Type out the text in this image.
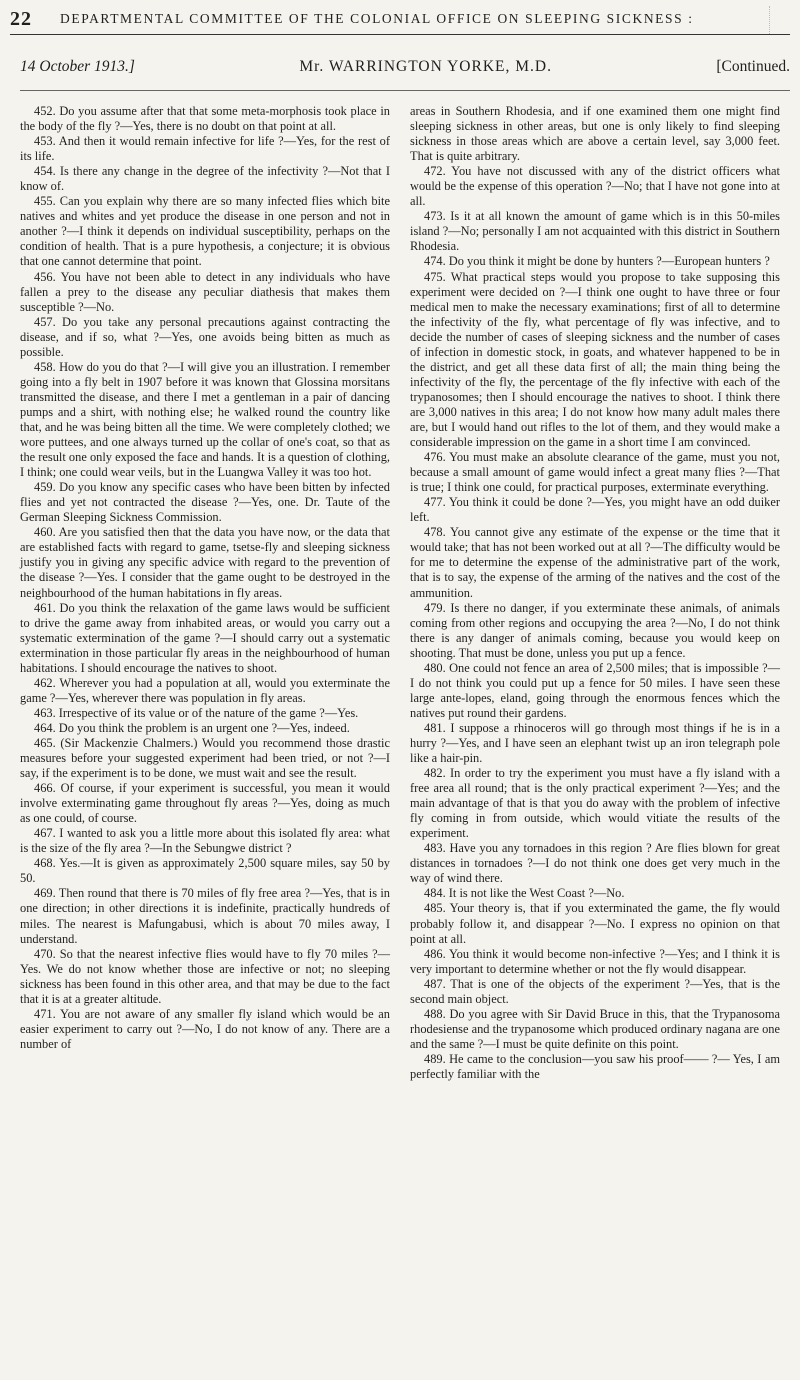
22	DEPARTMENTAL COMMITTEE OF THE COLONIAL OFFICE ON SLEEPING SICKNESS :
14 October 1913.]	Mr. WARRINGTON YORKE, M.D.	[Continued.

452. Do you assume after that that some meta-morphosis took place in the body of the fly ?—Yes, there is no doubt on that point at all.

453. And then it would remain infective for life ?—Yes, for the rest of its life.

454. Is there any change in the degree of the infectivity ?—Not that I know of.

455. Can you explain why there are so many infected flies which bite natives and whites and yet produce the disease in one person and not in another ?—I think it depends on individual susceptibility, perhaps on the condition of health. That is a pure hypothesis, a conjecture; it is obvious that one cannot determine that point.

456. You have not been able to detect in any individuals who have fallen a prey to the disease any peculiar diathesis that makes them susceptible ?—No.

457. Do you take any personal precautions against contracting the disease, and if so, what ?—Yes, one avoids being bitten as much as possible.

458. How do you do that ?—I will give you an illustration. I remember going into a fly belt in 1907 before it was known that Glossina morsitans transmitted the disease, and there I met a gentleman in a pair of dancing pumps and a shirt, with nothing else; he walked round the country like that, and he was being bitten all the time. We were completely clothed; we wore puttees, and one always turned up the collar of one's coat, so that as the result one only exposed the face and hands. It is a question of clothing, I think; one could wear veils, but in the Luangwa Valley it was too hot.

459. Do you know any specific cases who have been bitten by infected flies and yet not contracted the disease ?—Yes, one. Dr. Taute of the German Sleeping Sickness Commission.

460. Are you satisfied then that the data you have now, or the data that are established facts with regard to game, tsetse-fly and sleeping sickness justify you in giving any specific advice with regard to the prevention of the disease ?—Yes. I consider that the game ought to be destroyed in the neighbourhood of the human habitations in fly areas.

461. Do you think the relaxation of the game laws would be sufficient to drive the game away from inhabited areas, or would you carry out a systematic extermination of the game ?—I should carry out a systematic extermination in those particular fly areas in the neighbourhood of human habitations. I should encourage the natives to shoot.

462. Wherever you had a population at all, would you exterminate the game ?—Yes, wherever there was population in fly areas.

463. Irrespective of its value or of the nature of the game ?—Yes.

464. Do you think the problem is an urgent one ?—Yes, indeed.

465. (Sir Mackenzie Chalmers.) Would you recommend those drastic measures before your suggested experiment had been tried, or not ?—I say, if the experiment is to be done, we must wait and see the result.

466. Of course, if your experiment is successful, you mean it would involve exterminating game throughout fly areas ?—Yes, doing as much as one could, of course.

467. I wanted to ask you a little more about this isolated fly area: what is the size of the fly area ?—In the Sebungwe district ?

468. Yes.—It is given as approximately 2,500 square miles, say 50 by 50.

469. Then round that there is 70 miles of fly free area ?—Yes, that is in one direction; in other directions it is indefinite, practically hundreds of miles. The nearest is Mafungabusi, which is about 70 miles away, I understand.

470. So that the nearest infective flies would have to fly 70 miles ?—Yes. We do not know whether those are infective or not; no sleeping sickness has been found in this other area, and that may be due to the fact that it is at a greater altitude.

471. You are not aware of any smaller fly island which would be an easier experiment to carry out ?—No, I do not know of any. There are a number of

areas in Southern Rhodesia, and if one examined them one might find sleeping sickness in other areas, but one is only likely to find sleeping sickness in those areas which are above a certain level, say 3,000 feet. That is quite arbitrary.

472. You have not discussed with any of the district officers what would be the expense of this operation ?—No; that I have not gone into at all.

473. Is it at all known the amount of game which is in this 50-miles island ?—No; personally I am not acquainted with this district in Southern Rhodesia.

474. Do you think it might be done by hunters ?—European hunters ?

475. What practical steps would you propose to take supposing this experiment were decided on ?—I think one ought to have three or four medical men to make the necessary examinations; first of all to determine the infectivity of the fly, what percentage of fly was infective, and to decide the number of cases of sleeping sickness and the number of cases of infection in domestic stock, in goats, and whatever happened to be in the district, and get all these data first of all; the main thing being the infectivity of the fly, the percentage of the fly infective with each of the trypanosomes; then I should encourage the natives to shoot. I think there are 3,000 natives in this area; I do not know how many adult males there are, but I would hand out rifles to the lot of them, and they would make a considerable impression on the game in a short time I am convinced.

476. You must make an absolute clearance of the game, must you not, because a small amount of game would infect a great many flies ?—That is true; I think one could, for practical purposes, exterminate everything.

477. You think it could be done ?—Yes, you might have an odd duiker left.

478. You cannot give any estimate of the expense or the time that it would take; that has not been worked out at all ?—The difficulty would be for me to determine the expense of the administrative part of the work, that is to say, the expense of the arming of the natives and the cost of the ammunition.

479. Is there no danger, if you exterminate these animals, of animals coming from other regions and occupying the area ?—No, I do not think there is any danger of animals coming, because you would keep on shooting. That must be done, unless you put up a fence.

480. One could not fence an area of 2,500 miles; that is impossible ?—I do not think you could put up a fence for 50 miles. I have seen these large ante-lopes, eland, going through the enormous fences which the natives put round their gardens.

481. I suppose a rhinoceros will go through most things if he is in a hurry ?—Yes, and I have seen an elephant twist up an iron telegraph pole like a hair-pin.

482. In order to try the experiment you must have a fly island with a free area all round; that is the only practical experiment ?—Yes; and the main advantage of that is that you do away with the problem of infective fly coming in from outside, which would vitiate the results of the experiment.

483. Have you any tornadoes in this region ? Are flies blown for great distances in tornadoes ?—I do not think one does get very much in the way of wind there.

484. It is not like the West Coast ?—No.

485. Your theory is, that if you exterminated the game, the fly would probably follow it, and disappear ?—No. I express no opinion on that point at all.

486. You think it would become non-infective ?—Yes; and I think it is very important to determine whether or not the fly would disappear.

487. That is one of the objects of the experiment ?—Yes, that is the second main object.

488. Do you agree with Sir David Bruce in this, that the Trypanosoma rhodesiense and the trypanosome which produced ordinary nagana are one and the same ?—I must be quite definite on this point.

489. He came to the conclusion—you saw his proof—— ?— Yes, I am perfectly familiar with the
